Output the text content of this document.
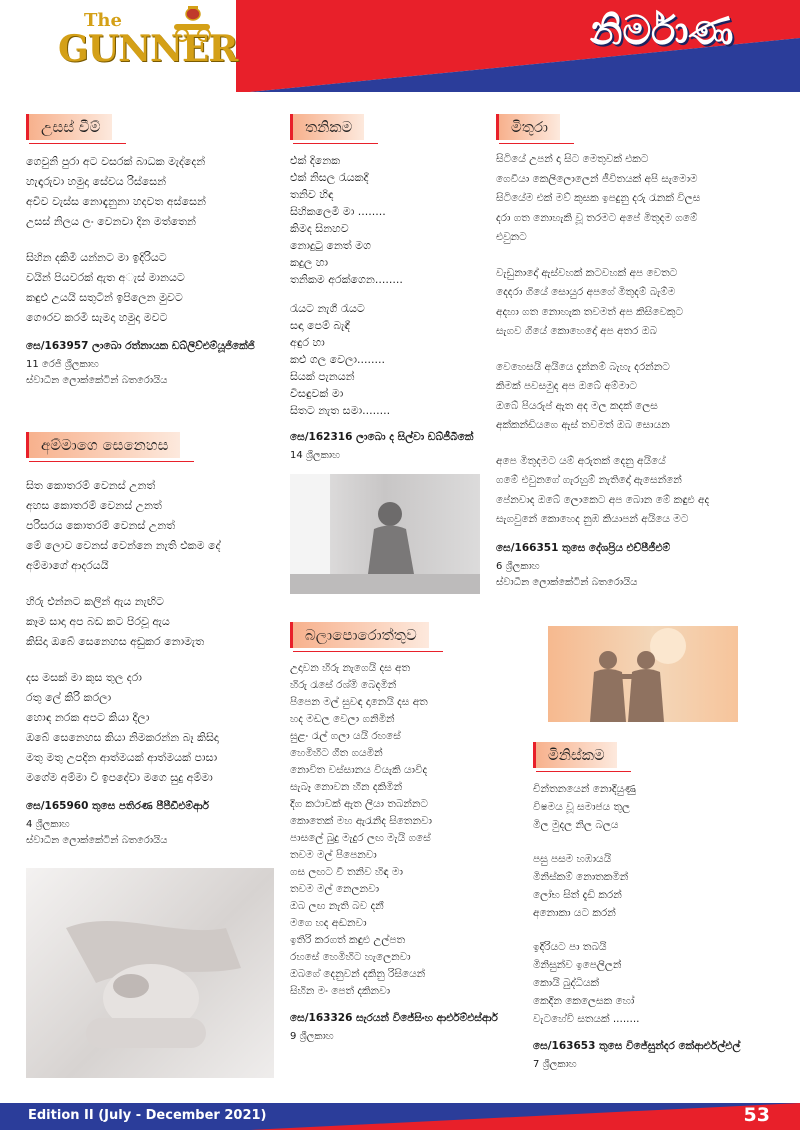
The
GUNNER	නිර්මාණ
උසස් වීම්
ගෙවුනි පුරා අට වසරක් බාධක මැද්දෙන්
හැඳෑරුවා හමුදා සේවය රිස්සෙන්
අවිව වැස්ස නොඳැනුනා හදවත අස්සෙන්
උසස් නිලය ලං වෙනවා දින මත්තෙන්
සිහින දකිමි යන්නට මා ඉදිරියට
වයින් පියවරක් ඇත අැස් මානයට
කඳුළු උයයි සතුටින් ඉපිලෙන මුවට
ගෞරව කරමි සැමදා හමුදා මවට
සෙ/163957 ලාබො රත්නායක ඩබ්ලිව්එම්යූජිකේජි
11 රෙජි ශ්‍රීලකාහ
ස්වාධීන ලොක්කේටින් බතරොයිය
අම්මාගෙ සෙනෙහස
සිත කොතරම් වෙනස් උනත්
අහස කොතරම් වෙනස් උනත්
පරිසරය කොතරම් වෙනස් උනත්
මේ ලොව වෙනස් වෙන්නෙ නැති එකම දේ
අම්මාගේ ආදරයයි
හිරු එන්නට කලින් ඇය නැඟිට
කෑම සාදා අප බඩ කට පිරවූ ඇය
කිසිදා ඔබේ සෙනෙහස අඩුකර නොමැත
දස මසක් මා කුස තුල දරා
රතු ලේ කිරි කරලා
හොඳ නරක අපට කියා දීලා
ඔබේ සෙනෙහස කියා නිමකරන්න බෑ කිසිදා
මතු මතු උපදින ආත්මයක් ආත්මයක් පාසා
මගේම අම්මා වී ඉපදේවා මගෙ සුදු අම්මා
සෙ/165960 තුසෙ පතිරණ පීපීඩීඑම්ආර්
4 ශ්‍රීලකාහ
ස්වාධීන ලොක්කේටින් බතරොයිය
තනිකම
එක් දිනෙක
එක් නිසල රැයකදී
තනිව හිඳ
සිහිකලෙමි මා ........
කිමද සිනහව
නොදුටු නෙත් මග
කදුල හා
තනිකම අරක්ගෙන........
රැයට නැගී රැයට
සඳා පෙම් බැඳී
අඳුර හා
කළු ගල වෙලා........
සියක් පැනයන්
විසඳුවක් මා
සිතට නැත සමා........
සෙ/162316 ලාබො ද සිල්වා ඩබ්ජීබීකේ
14 ශ්‍රීලකාහ
බලාපොරොත්තුව
උදාවන හිරු නැගෙයි දස අත
හිරු රැසේ රශ්මි බෙදමින්
පිපෙන මල් සුවඳ දානෙයි දස අත
හද මඩල වෙලා ගනිමින්
සුළං රැල් ගලා යයි රහසේ
හෙමිහිට ගීත ගයමින්
නොවිත වස්සානය වියැකි යාවිද
සැබෑ නොවන හීන දකිමින්
දිග කථාවක් ඇත ලියා තබන්නට
කොතෙක් මහ ඇරැනිද සිතෙනවා
පාසලේ බුදු මැදුර ලඟ මැයි ගසේ
තවම මල් පිපෙනවා
ගස ලඟට වී තනිව හිඳ මා
තවම මල් නෙලනවා
ඔබ ලඟ නැති බව දනී
මගෙ හද අඬනවා
ඉතිරි කරගත් කඳුළු උල්පත
රහසේ හෙමිහිට හැලෙනවා
ඔබගේ දෙනුවන් දකිනු රිසියෙන්
සිහින මං පෙත් දකිනවා
සෙ/163326 සැරයන් විජේසිංහ ආර්එම්එස්ආර්
9 ශ්‍රීලකාහ
මිතුරා
සිටියේ උපන් දා සිට මෙතුවක් එකට
ගෙවීයා කෙලිලොලෙන් ජීවිතයක් අපි සැමොම
සිටියේම එක් මව් කුසක ඉපදුනු දරු රැනක් විලස
දරා ගත නොහැකි වූ තරමට අපේ මිතුදම ගමේ
එවුනට
වැඩුනාදෝ ඇස්වහක් කටවහක් අප වෙතට
දෙදරා ගියේ සොයුර අපගේ මිතුදම් බැම්ම
අදහා ගත නොහැක තවමත් අප කිසිවෙකුට
සැගව ගියේ කොහෙදෝ අප අතර ඔබ
වෙහෙසයි අයියෙ දැන්නම් බැහැ දරන්නට
කිමක් පවසමුද අප ඔබේ අම්මාට
ඔබේ පියරුප් ඇත අද මල කදක් ලෙස
අක්කන්ඩියගෙ ඇස් තවමත් ඔබ සොයන
අපෙ මිතුදමට යම් අරුතක් දෙනු අයියේ
ගමේ එවුනගේ ගැරහුම් නැතිදෝ ඇසෙන්නේ
පේනවාද ඔබේ ලොකෙට අප බොන මේ කඳුළු අද
සැගවුනේ කොහෙද නුඹ කියාපන් අයියෙ මට
සෙ/166351 තුසෙ දේශප්‍රිය එච්පීජීඑම්
6 ශ්‍රීලකාහ
ස්වාධීන ලොක්කේටින් බතරොයිය
මිනිස්කම
චින්තනයෙන් නොදියුණු
විෂමය වූ සමාජය තුල
මිල මුදල නිල බලය
පසු පසම හඹායයි
මිනිස්කම් නොතකමින්
ලෝභ සිත් දැඩි කරන්
අනොකා යට කරන්
ඉදිරියට පා තබයි
මිනිසුන්ව ඉපෙලිලන්
කොයි බුද්ධියක්
කෙදින කෙලෙසක හෝ
වැටහේවි සතයක් ........
සෙ/163653 තුසෙ විජේසුන්දර කේආර්එල්එල්
7 ශ්‍රීලකාහ
Edition II (July - December 2021)	53
